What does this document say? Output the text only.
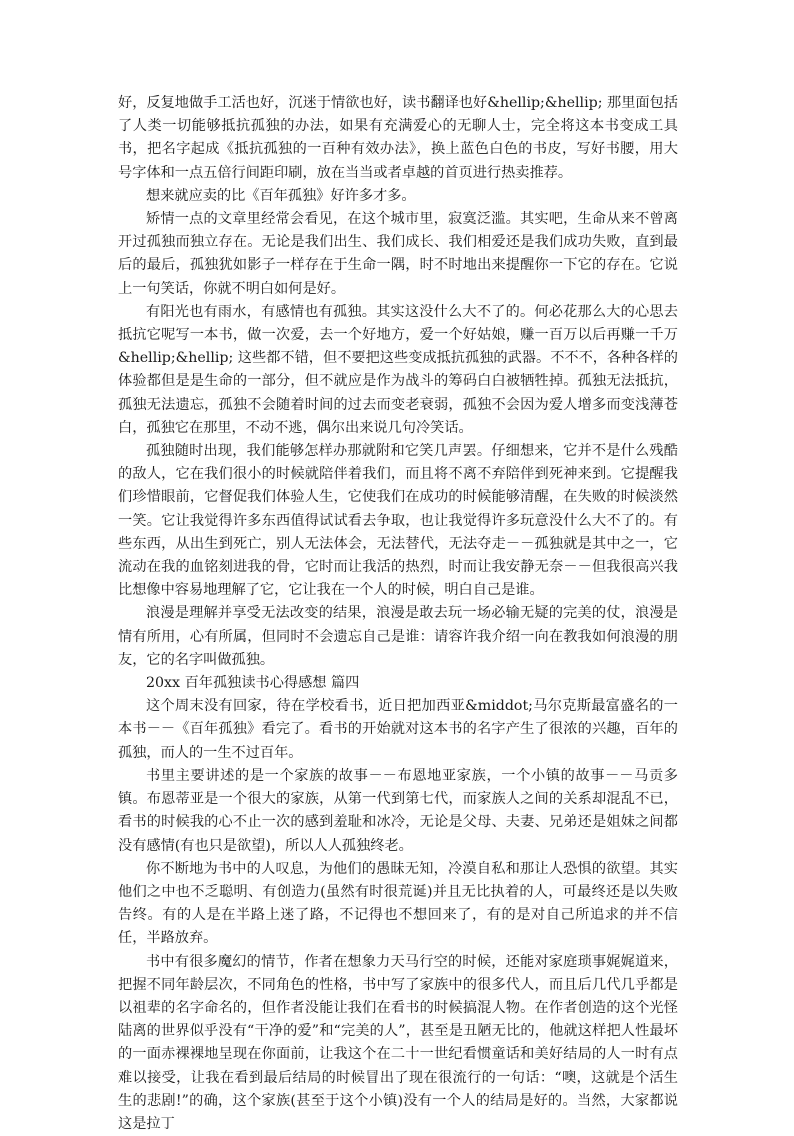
好，反复地做手工活也好，沉迷于情欲也好，读书翻译也好&hellip;&hellip; 那里面包括了人类一切能够抵抗孤独的办法，如果有充满爱心的无聊人士，完全将这本书变成工具书，把名字起成《抵抗孤独的一百种有效办法》，换上蓝色白色的书皮，写好书腰，用大号字体和一点五倍行间距印刷，放在当当或者卓越的首页进行热卖推荐。

想来就应卖的比《百年孤独》好许多才多。

矫情一点的文章里经常会看见，在这个城市里，寂寞泛滥。其实吧，生命从来不曾离开过孤独而独立存在。无论是我们出生、我们成长、我们相爱还是我们成功失败，直到最后的最后，孤独犹如影子一样存在于生命一隅，时不时地出来提醒你一下它的存在。它说上一句笑话，你就不明白如何是好。

有阳光也有雨水，有感情也有孤独。其实这没什么大不了的。何必花那么大的心思去抵抗它呢写一本书，做一次爱，去一个好地方，爱一个好姑娘，赚一百万以后再赚一千万&hellip;&hellip; 这些都不错，但不要把这些变成抵抗孤独的武器。不不不，各种各样的体验都但是是生命的一部分，但不就应是作为战斗的筹码白白被牺牲掉。孤独无法抵抗，孤独无法遗忘，孤独不会随着时间的过去而变老衰弱，孤独不会因为爱人增多而变浅薄苍白，孤独它在那里，不动不逃，偶尔出来说几句冷笑话。

孤独随时出现，我们能够怎样办那就附和它笑几声罢。仔细想来，它并不是什么残酷的敌人，它在我们很小的时候就陪伴着我们，而且将不离不弃陪伴到死神来到。它提醒我们珍惜眼前，它督促我们体验人生，它使我们在成功的时候能够清醒，在失败的时候淡然一笑。它让我觉得许多东西值得试试看去争取，也让我觉得许多玩意没什么大不了的。有些东西，从出生到死亡，别人无法体会，无法替代，无法夺走－－孤独就是其中之一，它流动在我的血铭刻进我的骨，它时而让我活的热烈，时而让我安静无奈－－但我很高兴我比想像中容易地理解了它，它让我在一个人的时候，明白自己是谁。

浪漫是理解并享受无法改变的结果，浪漫是敢去玩一场必输无疑的完美的仗，浪漫是情有所用，心有所属，但同时不会遗忘自己是谁：请容许我介绍一向在教我如何浪漫的朋友，它的名字叫做孤独。

20xx 百年孤独读书心得感想 篇四

这个周末没有回家，待在学校看书，近日把加西亚&middot;马尔克斯最富盛名的一本书－－《百年孤独》看完了。看书的开始就对这本书的名字产生了很浓的兴趣，百年的孤独，而人的一生不过百年。

书里主要讲述的是一个家族的故事－－布恩地亚家族，一个小镇的故事－－马贡多镇。布恩蒂亚是一个很大的家族，从第一代到第七代，而家族人之间的关系却混乱不已，看书的时候我的心不止一次的感到羞耻和冰冷，无论是父母、夫妻、兄弟还是姐妹之间都没有感情(有也只是欲望)，所以人人孤独终老。

你不断地为书中的人叹息，为他们的愚昧无知，冷漠自私和那让人恐惧的欲望。其实他们之中也不乏聪明、有创造力(虽然有时很荒诞)并且无比执着的人，可最终还是以失败告终。有的人是在半路上迷了路，不记得也不想回来了，有的是对自己所追求的并不信任，半路放弃。

书中有很多魔幻的情节，作者在想象力天马行空的时候，还能对家庭琐事娓娓道来，把握不同年龄层次，不同角色的性格，书中写了家族中的很多代人，而且后几代几乎都是以祖辈的名字命名的，但作者没能让我们在看书的时候搞混人物。在作者创造的这个光怪陆离的世界似乎没有“干净的爱”和“完美的人”，甚至是丑陋无比的，他就这样把人性最坏的一面赤裸裸地呈现在你面前，让我这个在二十一世纪看惯童话和美好结局的人一时有点难以接受，让我在看到最后结局的时候冒出了现在很流行的一句话：“噢，这就是个活生生的悲剧!”的确，这个家族(甚至于这个小镇)没有一个人的结局是好的。当然，大家都说这是拉丁
